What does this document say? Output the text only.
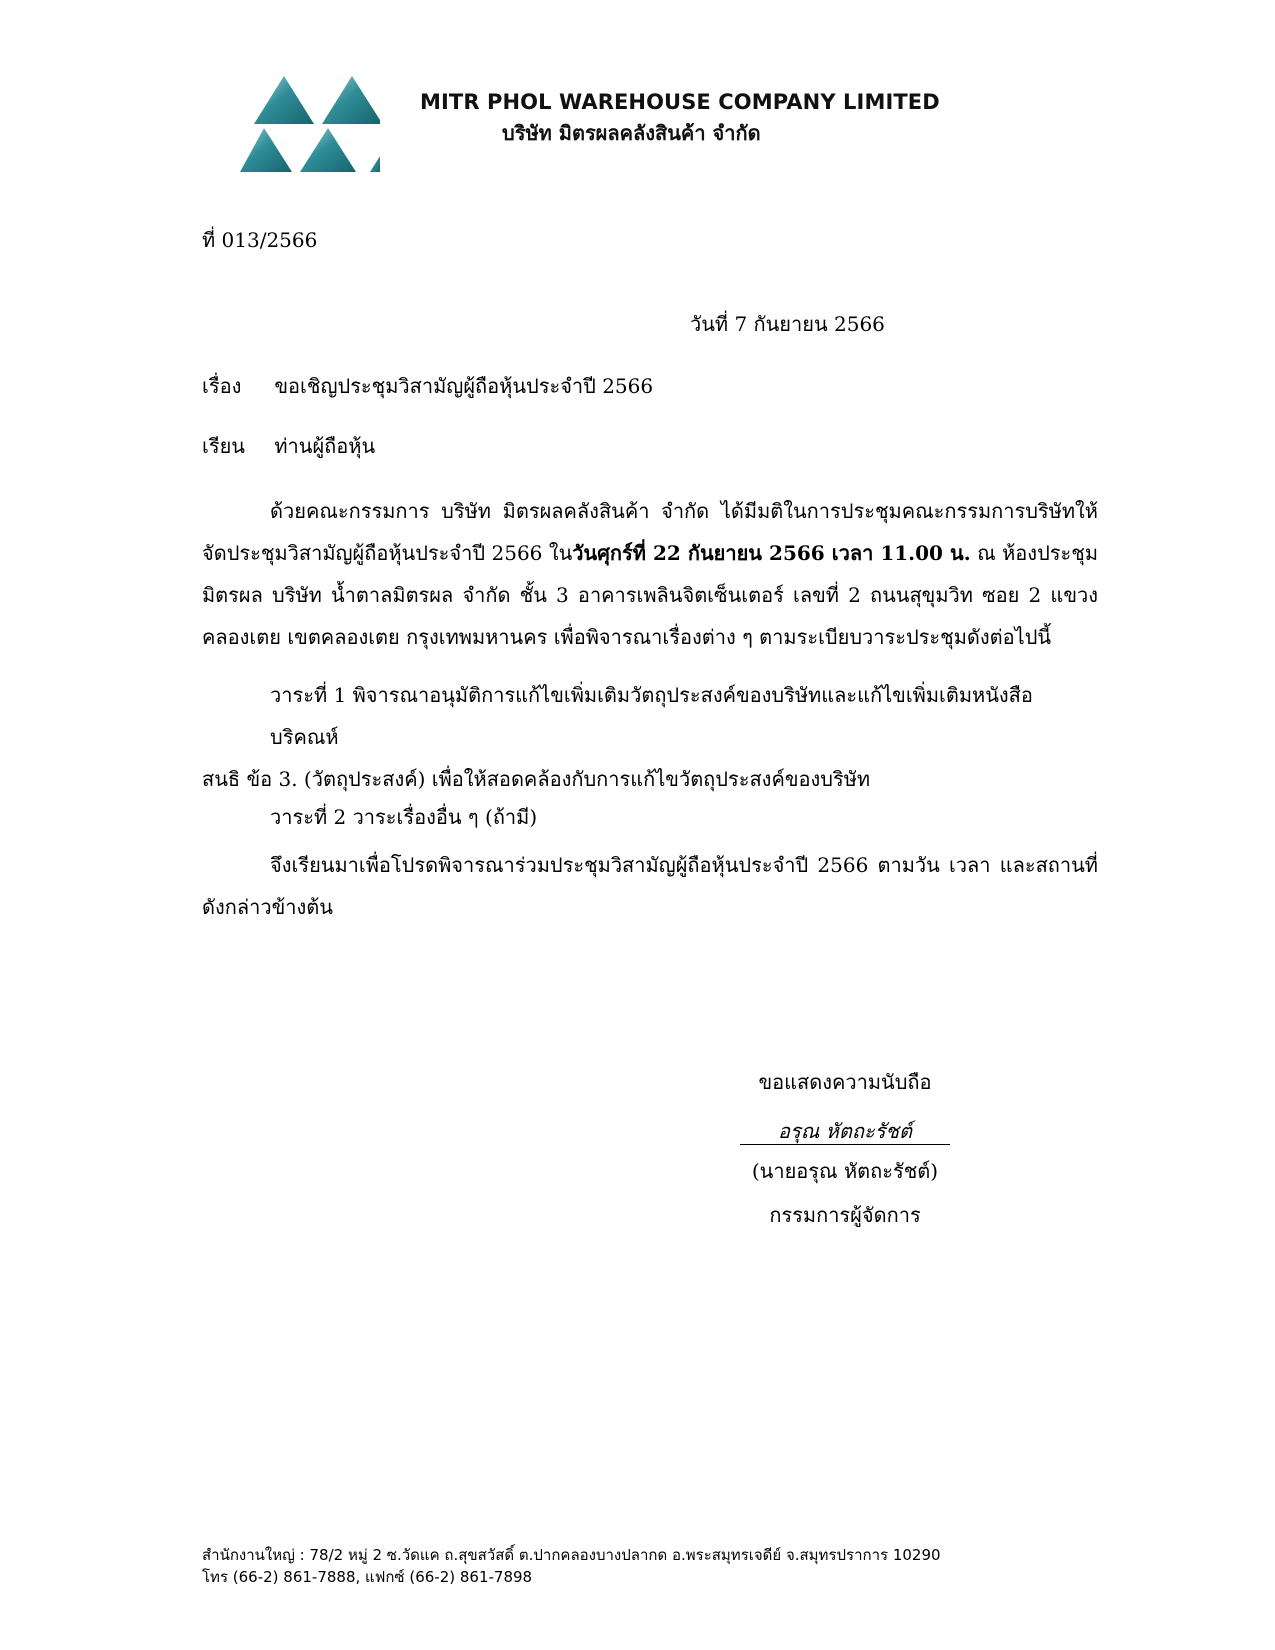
MITR PHOL WAREHOUSE COMPANY LIMITED
บริษัท มิตรผลคลังสินค้า จำกัด
ที่ 013/2566
วันที่ 7 กันยายน 2566
เรื่อง ขอเชิญประชุมวิสามัญผู้ถือหุ้นประจำปี 2566
เรียน ท่านผู้ถือหุ้น
ด้วยคณะกรรมการ บริษัท มิตรผลคลังสินค้า จำกัด ได้มีมติในการประชุมคณะกรรมการบริษัทให้จัดประชุมวิสามัญผู้ถือหุ้นประจำปี 2566 ในวันศุกร์ที่ 22 กันยายน 2566 เวลา 11.00 น. ณ ห้องประชุมมิตรผล บริษัท น้ำตาลมิตรผล จำกัด ชั้น 3 อาคารเพลินจิตเซ็นเตอร์ เลขที่ 2 ถนนสุขุมวิท ซอย 2 แขวงคลองเตย เขตคลองเตย กรุงเทพมหานคร เพื่อพิจารณาเรื่องต่าง ๆ ตามระเบียบวาระประชุมดังต่อไปนี้
วาระที่ 1 พิจารณาอนุมัติการแก้ไขเพิ่มเติมวัตถุประสงค์ของบริษัทและแก้ไขเพิ่มเติมหนังสือบริคณห์
สนธิ ข้อ 3. (วัตถุประสงค์) เพื่อให้สอดคล้องกับการแก้ไขวัตถุประสงค์ของบริษัท
วาระที่ 2 วาระเรื่องอื่น ๆ (ถ้ามี)
จึงเรียนมาเพื่อโปรดพิจารณาร่วมประชุมวิสามัญผู้ถือหุ้นประจำปี 2566 ตามวัน เวลา และสถานที่ดังกล่าวข้างต้น
ขอแสดงความนับถือ
อรุณ หัตถะรัชต์
(นายอรุณ หัตถะรัชต์)
กรรมการผู้จัดการ
สำนักงานใหญ่ : 78/2 หมู่ 2 ซ.วัดแค ถ.สุขสวัสดิ์ ต.ปากคลองบางปลากด อ.พระสมุทรเจดีย์ จ.สมุทรปราการ 10290
โทร (66-2) 861-7888, แฟกซ์ (66-2) 861-7898
